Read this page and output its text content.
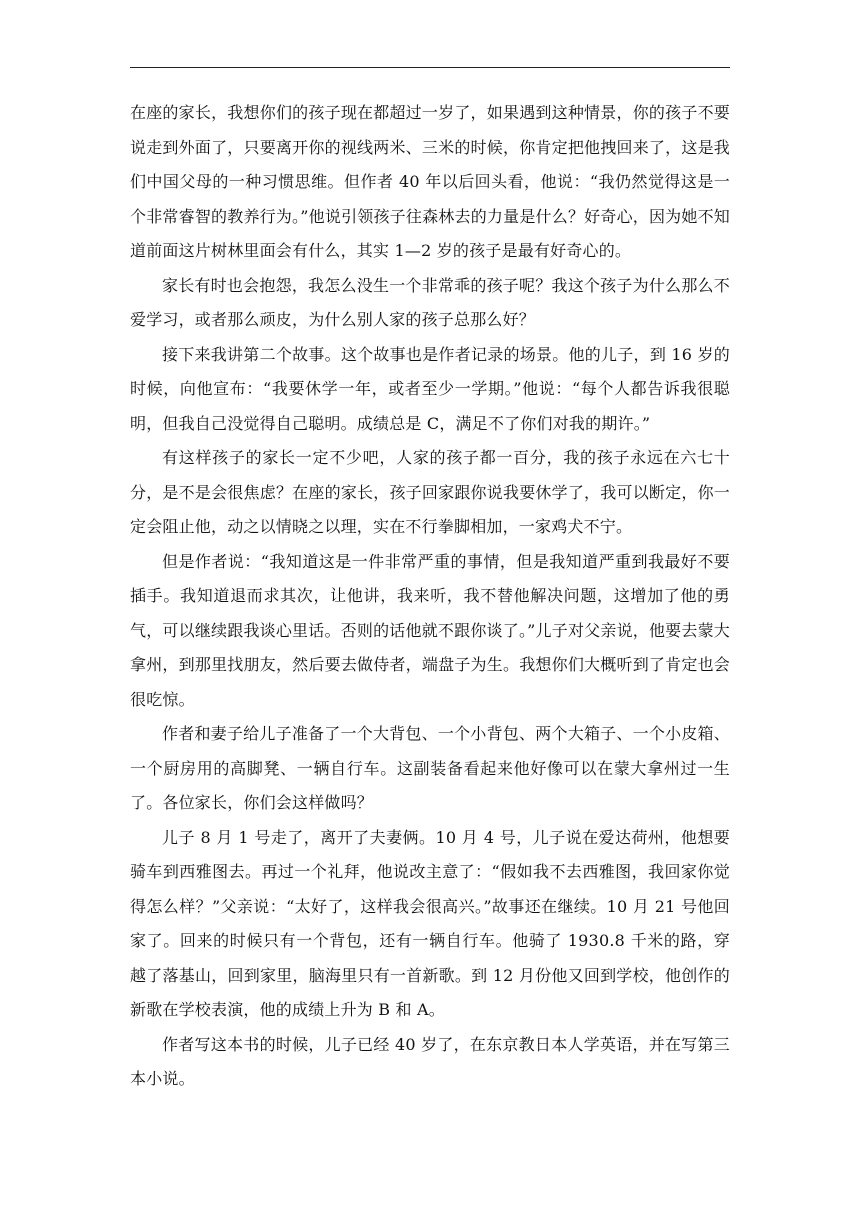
在座的家长，我想你们的孩子现在都超过一岁了，如果遇到这种情景，你的孩子不要说走到外面了，只要离开你的视线两米、三米的时候，你肯定把他拽回来了，这是我们中国父母的一种习惯思维。但作者 40 年以后回头看，他说：“我仍然觉得这是一个非常睿智的教养行为。”他说引领孩子往森林去的力量是什么？好奇心，因为她不知道前面这片树林里面会有什么，其实 1—2 岁的孩子是最有好奇心的。

家长有时也会抱怨，我怎么没生一个非常乖的孩子呢？我这个孩子为什么那么不爱学习，或者那么顽皮，为什么别人家的孩子总那么好？

接下来我讲第二个故事。这个故事也是作者记录的场景。他的儿子，到 16 岁的时候，向他宣布：“我要休学一年，或者至少一学期。”他说：“每个人都告诉我很聪明，但我自己没觉得自己聪明。成绩总是 C，满足不了你们对我的期许。”

有这样孩子的家长一定不少吧，人家的孩子都一百分，我的孩子永远在六七十分，是不是会很焦虑？在座的家长，孩子回家跟你说我要休学了，我可以断定，你一定会阻止他，动之以情晓之以理，实在不行拳脚相加，一家鸡犬不宁。

但是作者说：“我知道这是一件非常严重的事情，但是我知道严重到我最好不要插手。我知道退而求其次，让他讲，我来听，我不替他解决问题，这增加了他的勇气，可以继续跟我谈心里话。否则的话他就不跟你谈了。”儿子对父亲说，他要去蒙大拿州，到那里找朋友，然后要去做侍者，端盘子为生。我想你们大概听到了肯定也会很吃惊。

作者和妻子给儿子准备了一个大背包、一个小背包、两个大箱子、一个小皮箱、一个厨房用的高脚凳、一辆自行车。这副装备看起来他好像可以在蒙大拿州过一生了。各位家长，你们会这样做吗？

儿子 8 月 1 号走了，离开了夫妻俩。10 月 4 号，儿子说在爱达荷州，他想要骑车到西雅图去。再过一个礼拜，他说改主意了：“假如我不去西雅图，我回家你觉得怎么样？”父亲说：“太好了，这样我会很高兴。”故事还在继续。10 月 21 号他回家了。回来的时候只有一个背包，还有一辆自行车。他骑了 1930.8 千米的路，穿越了落基山，回到家里，脑海里只有一首新歌。到 12 月份他又回到学校，他创作的新歌在学校表演，他的成绩上升为 B 和 A。

作者写这本书的时候，儿子已经 40 岁了，在东京教日本人学英语，并在写第三本小说。
